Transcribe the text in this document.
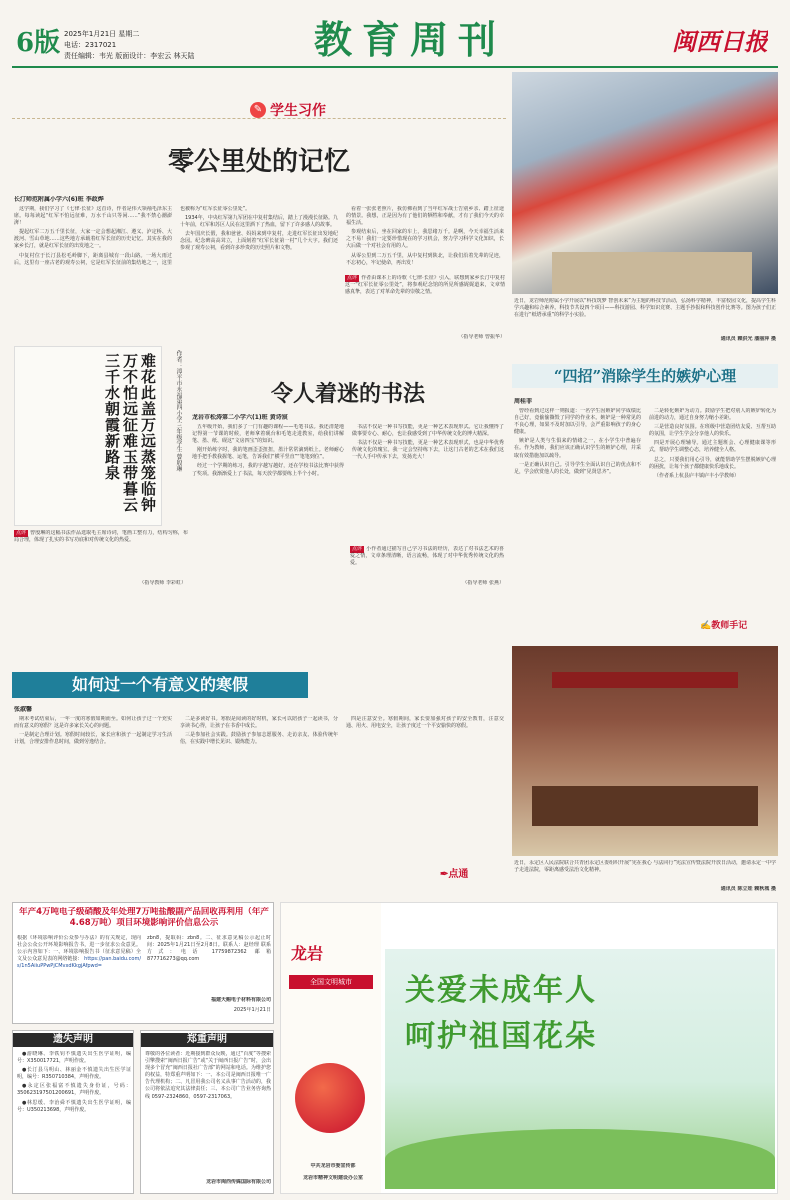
6版 2025年1月21日 星期二
电话：2317021
责任编辑：韦光 版面设计：李宏云 林天陆	教育周刊	闽西日报
✎ 学生习作
零公里处的记忆
长汀师范附属小学六(6)班 李政烨

这学期，我们学习了《七律·长征》这首诗，作者是伟大领袖毛泽东主席。每每读起“红军不怕远征难，万水千山只等闲……”我不禁心潮澎湃！

提起红军二万五千里长征，大家一定会想起湘江、遵义、泸定桥、大渡河、雪山草地……这些地方承载着红军长征的历史记忆。其实在我的家乡长汀，就是红军长征的出发地之一。

中复村位于长汀县松毛岭脚下，距离县城有一段山路。一场大雨过后，这里有一座古老的观寿公祠，它是红军长征前的集结地之一，这里也被称为“红军长征零公里处”。

1934年，中央红军第九军团在中复村集结后，踏上了漫漫长征路。九十年前，红军和苏区人民在这里洒下了热血，留下了许多感人的故事。

去年国庆长假，我和爸爸、妈妈来到中复村，走进红军长征出发地纪念园。纪念碑高高耸立，上面刻着“红军长征第一村”几个大字。我们还参观了观寿公祠，看到许多珍贵的历史照片和文物。

看着一张张老照片，我仿佛看到了当年红军战士告别乡亲、踏上征途的情景。我想，正是因为有了他们的牺牲和奉献，才有了我们今天的幸福生活。

参观结束后，坐在回家的车上，我思绪万千。是啊，今天幸福生活来之不易！我们一定要珍惜现在的学习机会，努力学习科学文化知识，长大后做一个对社会有用的人。

从零公里到二万五千里，从中复村到陕北，让我们沿着先辈的足迹，不忘初心，牢记使命，再出发！

点评 作者由课本上的诗歌《七律·长征》引入，联想到家乡长汀中复村这一“红军长征零公里处”，将参观纪念馆的所见所感娓娓道来，文章情感真挚，表达了对革命先辈的崇敬之情。
（指导老师 曾振华）
近日，龙岩师范附属小学开展以“科技筑梦 智创未来”为主题的科技节活动，弘扬科学精神，丰富校园文化，提高学生科学兴趣和综合素养。科技节共设四个项目——科技游园、科学知识竞赛、主题手抄报和科技创作比赛等。图为孩子们正在进行“纸塔承重”的科学小实验。
通讯员 赖洪光 潘丽萍 摄
难花此盖万远蒸笼临钟万不怕远征难玉带暮云三千水朝霞新路泉	作者：漳平市永福第四小学三年级学生 曾殷琳
点评 曾殷琳的这幅书法作品选取毛主席诗词，笔画工整有力，结构匀称，布局合理，体现了扎实的书写功底和对传统文化的热爱。
（指导教师 李彩虹）
令人着迷的书法
龙岩市松涛第二小学六(1)班 黄诗宸

五年级开始，我们多了一门有趣的课程——毛笔书法。我还清楚地记得第一节课的时候，老师拿着砚台和毛笔走进教室，给我们讲解笔、墨、纸、砚这“文房四宝”的知识。

刚开始练字时，我的笔画歪歪扭扭，墨汁常常滴到纸上。老师耐心地手把手教我握笔、运笔，告诉我们“横平竖直”“笔笔到位”。

经过一个学期的练习，我的字越写越好，还在学校书法比赛中获得了奖项。我渐渐爱上了书法，每天放学都要练上半个小时。

书法不仅是一种书写技能，更是一种艺术表现形式。它让我懂得了做事要专心、耐心，也让我感受到了中华传统文化的博大精深。

书法不仅是一种书写技能，更是一种艺术表现形式，也是中华优秀传统文化的瑰宝。我一定会坚持练下去，让这门古老的艺术在我们这一代人手中传承下去，发扬光大！

点评 小作者通过描写自己学习书法的经历，表达了对书法艺术的喜爱之情，文章条理清晰，语言流畅，体现了对中华优秀传统文化的热爱。
（指导老师 张燕）
“四招”消除学生的嫉妒心理
周桂菲

曾经看到过这样一则报道：一名学生因嫉妒同学成绩比自己好，竟偷偷撕毁了同学的作业本。嫉妒是一种常见的不良心理，如果不及时加以引导，会严重影响孩子的身心健康。

嫉妒是人类与生俱来的情绪之一，在小学生中普遍存在。作为教师，我们应该正确认识学生的嫉妒心理，并采取有效措施加以疏导。

一是正确认识自己。引导学生全面认识自己的优点和不足，学会欣赏他人的长处，做到“见贤思齐”。

二是转化嫉妒为动力。鼓励学生把对别人的嫉妒转化为前进的动力，通过自身努力缩小差距。

三是营造良好氛围。在班级中营造团结友爱、互帮互助的氛围，让学生学会分享他人的快乐。

四是开展心理辅导。通过主题班会、心理健康课等形式，帮助学生调整心态，培养健全人格。

总之，只要我们用心引导，就能帮助学生摆脱嫉妒心理的困扰，让每个孩子都健康快乐地成长。

（作者系上杭县庐丰镇庐丰小学教师）

✍教师手记
近日，永定区人民法院联合共青团永定区委组织开展“宪在我心 与法同行”宪法宣传暨法院开放日活动，邀请永定一中学子走进法院，零距离感受法治文化精神。
通讯员 陈立娃 赖秋城 摄
如何过一个有意义的寒假
张淑馨

期末考试结束后，一年一度的寒假如期而至。如何让孩子过一个充实而有意义的寒假？这是许多家长关心的问题。

一是制定合理计划。寒假时间较长，家长应和孩子一起制定学习生活计划，合理安排作息时间，做到劳逸结合。

二是多读好书。寒假是阅读的好时机，家长可以陪孩子一起读书，分享读书心得，让孩子在书香中成长。

三是参加社会实践。鼓励孩子参加志愿服务、走访亲友、体验传统年俗，在实践中增长见识、锻炼能力。

四是注意安全。寒假期间，家长要加强对孩子的安全教育，注意交通、用火、用电安全，让孩子度过一个平安愉快的寒假。

✒点通
年产4万吨电子级硝酸及年处理7万吨盐酸副产品回收再利用（年产4.68万吨）项目环境影响评价信息公示
根据《环境影响评价公众参与办法》的有关规定，现向社会公众公开环境影响报告书，进一步征求公众意见。公示内容如下：一、环境影响报告书（征求意见稿）全文及公众意见表的网络链接： https://pan.baidu.com/s/1n5AiiuPPwPjCMvxdKkgjAfpwd=
zbn8，提取码：zbn8。二、征求意见稿公示起止时间：2025年1月21日至2月8日。联系人：赵经理 联系方式：电话 17759872362 邮箱 877716273@qq.com
福建天赐电子材料有限公司
2025年1月21日
遗失声明

●游晓琳、李铁钊不慎遗失出生医学证明，编号：X350017721，声明作废。

●长汀县马明山、林丽金不慎遗失出生医学证明，编号：R350710384，声明作废。

●永定区张福富不慎遗失身份证，号码：350623197501200691，声明作废。

●林思缓、李治舜不慎遗失出生医学证明，编号：U350213698，声明作废。

郑重声明
尊敬的各位读者：近期接到群众反映，通过“百度”等搜索引擎搜索“闽西日报广告”或“关于闽西日报广告”时，会出现多个冒充“闽西日报社广告部”的网站和电话。为维护您的权益，特郑重声明如下：一、本公司是闽西日报唯一广告代理机构；二、凡冒用我公司名义从事广告活动的，我公司将依法追究其法律责任；三、本公司广告业务咨询热线 0597-2324860、0597-2317063。
龙岩市闽西传媒国际有限公司
龙岩
全国文明城市	关爱未成年人
呵护祖国花朵
中共龙岩市委宣传部
龙岩市精神文明建设办公室
